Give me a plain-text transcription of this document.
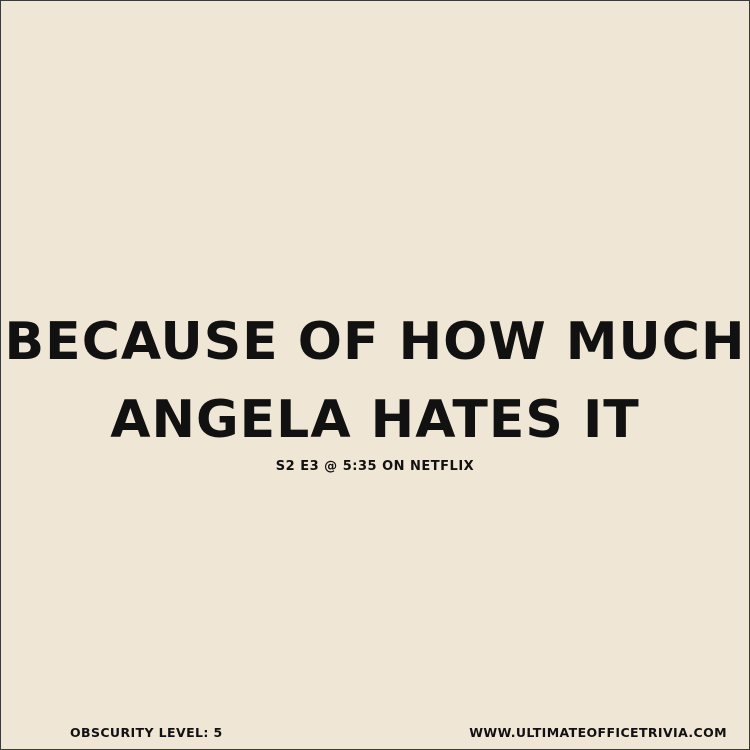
BECAUSE OF HOW MUCH
ANGELA HATES IT
S2 E3 @ 5:35 ON NETFLIX
OBSCURITY LEVEL: 5	WWW.ULTIMATEOFFICETRIVIA.COM
